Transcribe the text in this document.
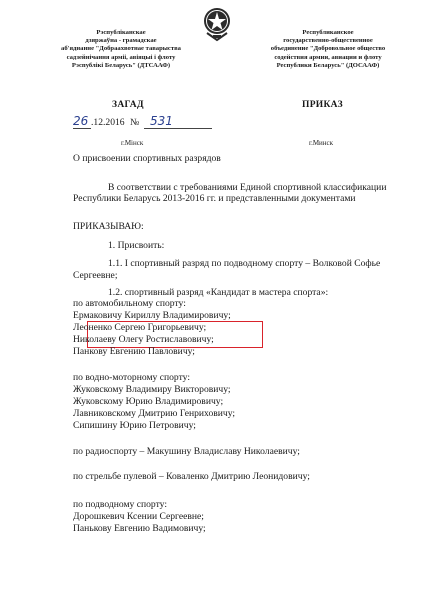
Рэспубліканскае
дзяржаўна - грамадскае
аб'яднанне "Добраахвотнае таварыства
садзейнічання арміі, авіяцыі і флоту
Рэспублікі Беларусь" (ДТСААФ)
Республиканское
государственно-общественное
объединение "Добровольное общество
содействия армии, авиации и флоту
Республики Беларусь" (ДОСААФ)
ЗАГАД	ПРИКАЗ
26 .12.2016 № 531
г.Мінск	г.Минск
О присвоении спортивных разрядов
В соответствии с требованиями Единой спортивной классификации
Республики Беларусь 2013-2016 гг. и представленными документами
ПРИКАЗЫВАЮ:
1. Присвоить:
1.1. I спортивный разряд по подводному спорту – Волковой Софье
Сергеевне;
1.2. спортивный разряд «Кандидат в мастера спорта»:
по автомобильному спорту:
Ермаковичу Кириллу Владимировичу;
Леоненко Сергею Григорьевичу;
Николаеву Олегу Ростиславовичу;
Панкову Евгению Павловичу;
по водно-моторному спорту:
Жуковскому Владимиру Викторовичу;
Жуковскому Юрию Владимировичу;
Лавниковскому Дмитрию Генриховичу;
Сипишину Юрию Петровичу;
по радиоспорту – Макушину Владиславу Николаевичу;
по стрельбе пулевой – Коваленко Дмитрию Леонидовичу;
по подводному спорту:
Дорошкевич Ксении Сергеевне;
Панькову Евгению Вадимовичу;
